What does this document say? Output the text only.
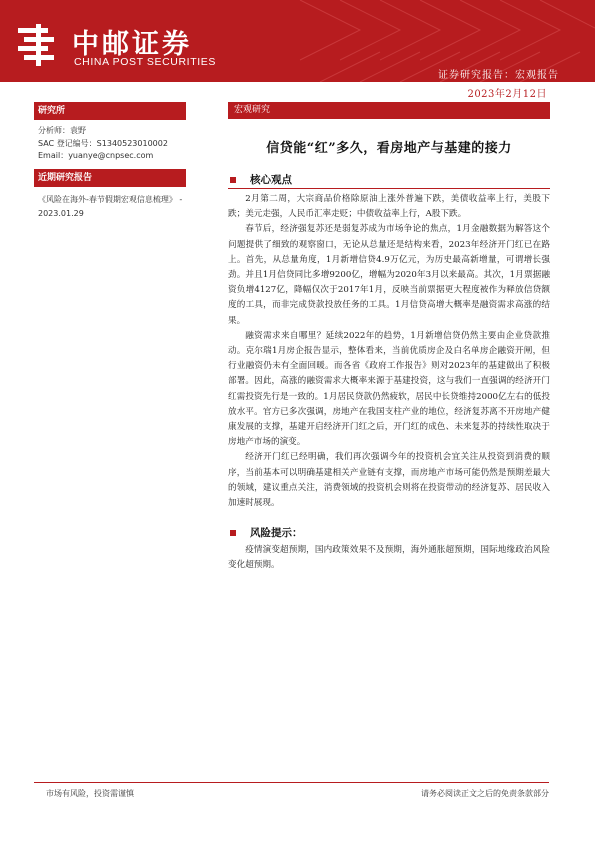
中邮证券
CHINA POST SECURITIES
证券研究报告：宏观报告
2023年2月12日
研究所
分析师：袁野
SAC 登记编号：S1340523010002
Email：yuanye@cnpsec.com
近期研究报告
《风险在海外-春节假期宏观信息梳理》 - 2023.01.29
宏观研究
信贷能“红”多久，看房地产与基建的接力
核心观点

2月第二周，大宗商品价格除原油上涨外普遍下跌，美债收益率上行，美股下跌；美元走强，人民币汇率走贬；中债收益率上行，A股下跌。

春节后，经济强复苏还是弱复苏成为市场争论的焦点，1月金融数据为解答这个问题提供了细致的观察窗口，无论从总量还是结构来看，2023年经济开门红已在路上。首先，从总量角度，1月新增信贷4.9万亿元，为历史最高新增量，可谓增长强劲。并且1月信贷同比多增9200亿，增幅为2020年3月以来最高。其次，1月票据融资负增4127亿，降幅仅次于2017年1月，反映当前票据更大程度被作为释放信贷额度的工具，而非完成贷款投放任务的工具。1月信贷高增大概率是融资需求高涨的结果。

融资需求来自哪里？延续2022年的趋势，1月新增信贷仍然主要由企业贷款推动。克尔瑞1月房企报告显示，整体看来，当前优质房企及白名单房企融资开闸，但行业融资仍未有全面回暖。而各省《政府工作报告》则对2023年的基建做出了积极部署。因此，高涨的融资需求大概率来源于基建投资，这与我们一直强调的经济开门红需投资先行是一致的。1月居民贷款仍然疲软，居民中长贷维持2000亿左右的低投放水平。官方已多次强调，房地产在我国支柱产业的地位，经济复苏离不开房地产健康发展的支撑，基建开启经济开门红之后，开门红的成色、未来复苏的持续性取决于房地产市场的演变。

经济开门红已经明确，我们再次强调今年的投资机会宜关注从投资到消费的顺序，当前基本可以明确基建相关产业链有支撑，而房地产市场可能仍然是预期差最大的领域，建议重点关注，消费领域的投资机会则将在投资带动的经济复苏、居民收入加速时展现。

风险提示：

疫情演变超预期，国内政策效果不及预期，海外通胀超预期，国际地缘政治风险变化超预期。

市场有风险，投资需谨慎	请务必阅读正文之后的免责条款部分
